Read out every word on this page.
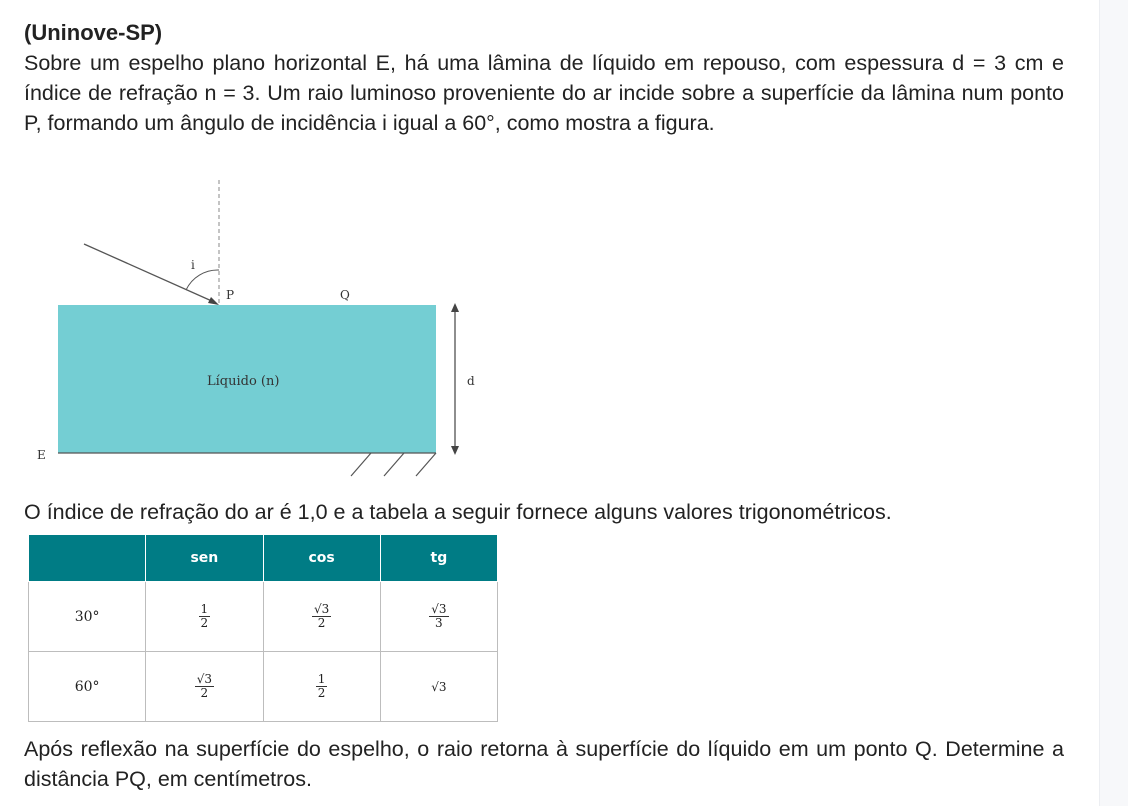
(Uninove-SP)

Sobre um espelho plano horizontal E, há uma lâmina de líquido em repouso, com espessura d = 3 cm e índice de refração n = 3. Um raio luminoso proveniente do ar incide sobre a superfície da lâmina num ponto P, formando um ângulo de incidência i igual a 60°, como mostra a figura.

i
P	Q
Líquido (n)	d
E
O índice de refração do ar é 1,0 e a tabela a seguir fornece alguns valores trigonométricos.
	sen	cos	tg
30°	$\frac{1}{2}$	$\frac{√3}{2}$	$\frac{√3}{3}$

60°	$\frac{√3}{2}$	$\frac{1}{2}$	√3
Após reflexão na superfície do espelho, o raio retorna à superfície do líquido em um ponto Q. Determine a distância PQ, em centímetros.
